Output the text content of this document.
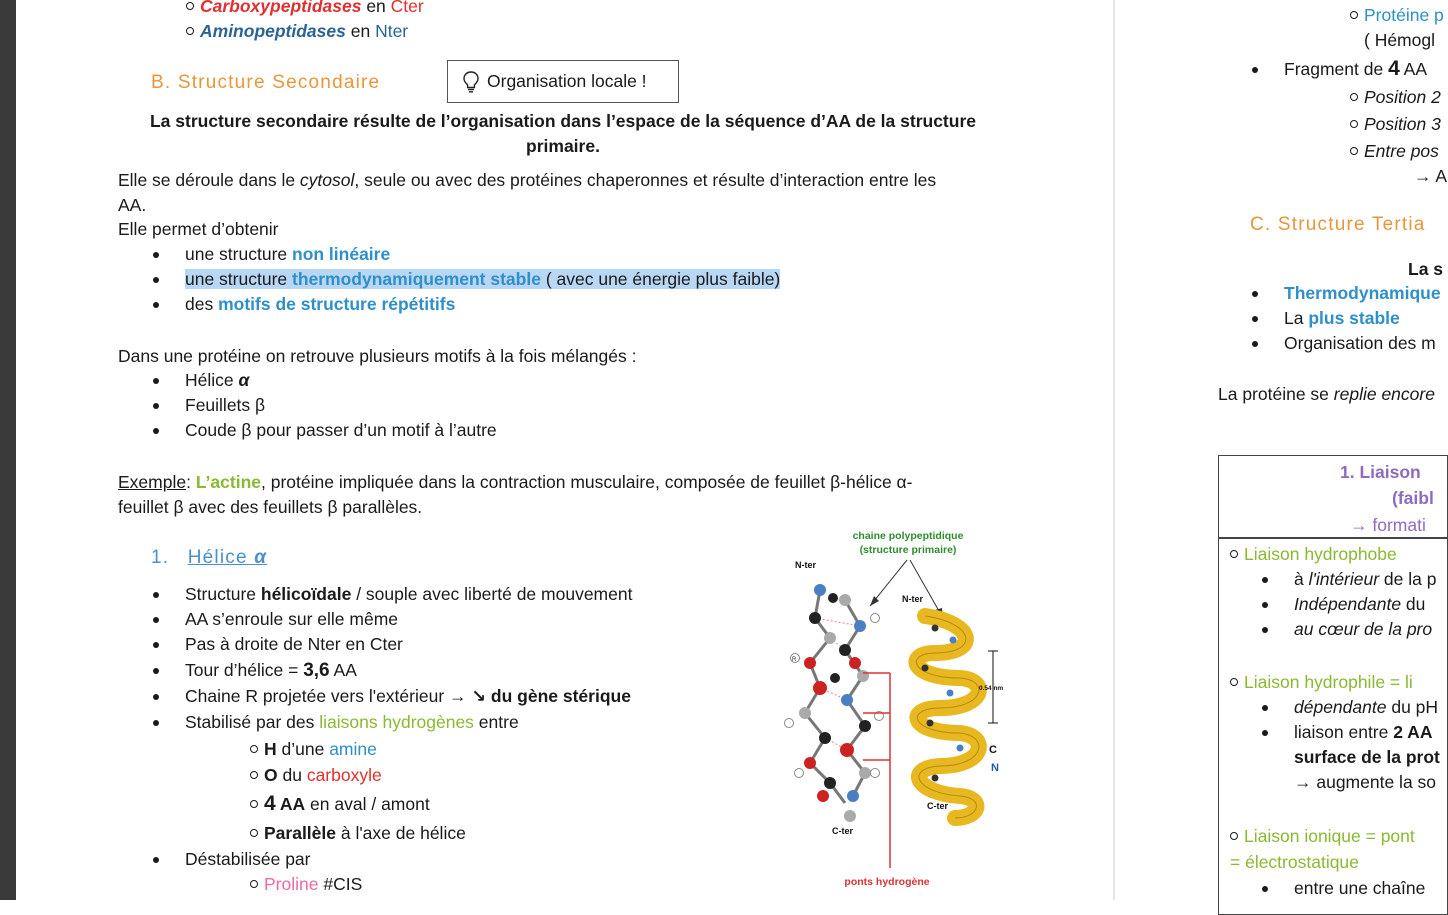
Carboxypeptidases en Cter
Aminopeptidases en Nter
B. Structure Secondaire	Organisation locale !
La structure secondaire résulte de l’organisation dans l’espace de la séquence d’AA de la structure
primaire.
Elle se déroule dans le cytosol, seule ou avec des protéines chaperonnes et résulte d’interaction entre les
AA.
Elle permet d’obtenir
une structure non linéaire
une structure thermodynamiquement stable ( avec une énergie plus faible)
des motifs de structure répétitifs
Dans une protéine on retrouve plusieurs motifs à la fois mélangés :
Hélice α
Feuillets β
Coude β pour passer d’un motif à l’autre
Exemple: L’actine, protéine impliquée dans la contraction musculaire, composée de feuillet β-hélice α-
feuillet β avec des feuillets β parallèles.
1. Hélice α
Structure hélicoïdale / souple avec liberté de mouvement
AA s’enroule sur elle même
Pas à droite de Nter en Cter
Tour d’hélice = 3,6 AA
Chaine R projetée vers l'extérieur → ↘ du gène stérique
Stabilisé par des liaisons hydrogènes entre
H d’une amine
O du carboxyle
4 AA en aval / amont
Parallèle à l'axe de hélice
Déstabilisée par
Proline #CIS
chaine polypeptidique
(structure primaire)
N-ter
N-ter
C-ter
C-ter
0.54 nm
C
N
R
ponts hydrogène
Protéine p
( Hémogl
Fragment de 4 AA
Position 2
Position 3
Entre pos
→ A
C. Structure Tertia
La s
Thermodynamique
La plus stable
Organisation des m
La protéine se replie encore
1. Liaison
(faibl
→ formati
Liaison hydrophobe
à l'intérieur de la p
Indépendante du
au cœur de la pro
Liaison hydrophile = li
dépendante du pH
liaison entre 2 AA
surface de la prot
→ augmente la so
Liaison ionique = pont
= électrostatique
entre une chaîne
